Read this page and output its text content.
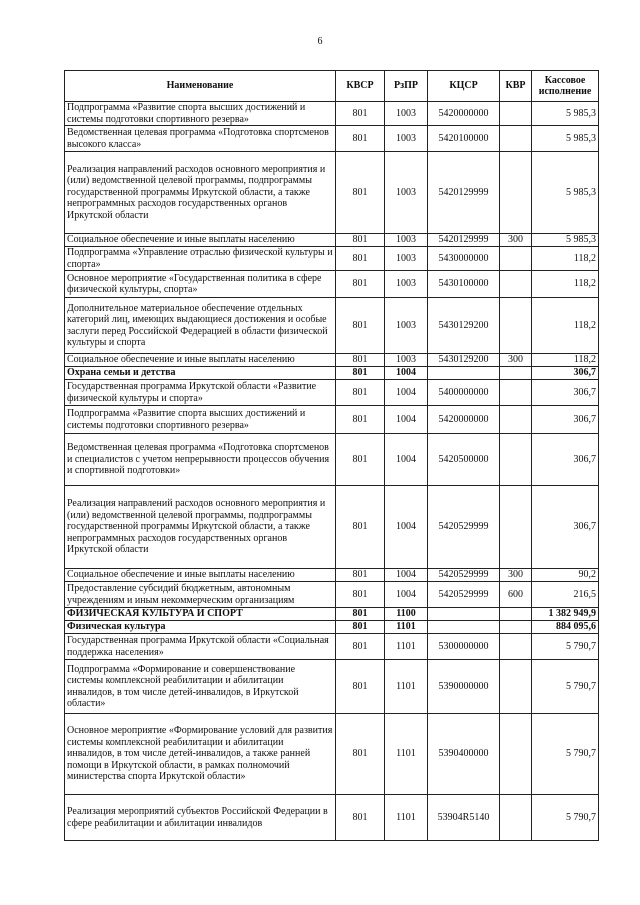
6
Наименование	КВСР	РзПР	КЦСР	КВР	Кассовое исполнение
Подпрограмма «Развитие спорта высших достижений и системы подготовки спортивного резерва»	801	1003	5420000000		5 985,3
Ведомственная целевая программа «Подготовка спортсменов высокого класса»	801	1003	5420100000		5 985,3
Реализация направлений расходов основного мероприятия и (или) ведомственной целевой программы, подпрограммы государственной программы Иркутской области, а также непрограммных расходов государственных органов Иркутской области	801	1003	5420129999		5 985,3
Социальное обеспечение и иные выплаты населению	801	1003	5420129999	300	5 985,3
Подпрограмма «Управление отраслью физической культуры и спорта»	801	1003	5430000000		118,2
Основное мероприятие «Государственная политика в сфере физической культуры, спорта»	801	1003	5430100000		118,2
Дополнительное материальное обеспечение отдельных категорий лиц, имеющих выдающиеся достижения и особые заслуги перед Российской Федерацией в области физической культуры и спорта	801	1003	5430129200		118,2
Социальное обеспечение и иные выплаты населению	801	1003	5430129200	300	118,2
Охрана семьи и детства	801	1004			306,7
Государственная программа Иркутской области «Развитие физической культуры и спорта»	801	1004	5400000000		306,7
Подпрограмма «Развитие спорта высших достижений и системы подготовки спортивного резерва»	801	1004	5420000000		306,7
Ведомственная целевая программа «Подготовка спортсменов и специалистов с учетом непрерывности процессов обучения и спортивной подготовки»	801	1004	5420500000		306,7
Реализация направлений расходов основного мероприятия и (или) ведомственной целевой программы, подпрограммы государственной программы Иркутской области, а также непрограммных расходов государственных органов Иркутской области	801	1004	5420529999		306,7
Социальное обеспечение и иные выплаты населению	801	1004	5420529999	300	90,2
Предоставление субсидий бюджетным, автономным учреждениям и иным некоммерческим организациям	801	1004	5420529999	600	216,5
ФИЗИЧЕСКАЯ КУЛЬТУРА И СПОРТ	801	1100			1 382 949,9
Физическая культура	801	1101			884 095,6
Государственная программа Иркутской области «Социальная поддержка населения»	801	1101	5300000000		5 790,7
Подпрограмма «Формирование и совершенствование системы комплексной реабилитации и абилитации инвалидов, в том числе детей-инвалидов, в Иркутской области»	801	1101	5390000000		5 790,7
Основное мероприятие «Формирование условий для развития системы комплексной реабилитации и абилитации инвалидов, в том числе детей-инвалидов, а также ранней помощи в Иркутской области, в рамках полномочий министерства спорта Иркутской области»	801	1101	5390400000		5 790,7
Реализация мероприятий субъектов Российской Федерации в сфере реабилитации и абилитации инвалидов	801	1101	53904R5140		5 790,7
